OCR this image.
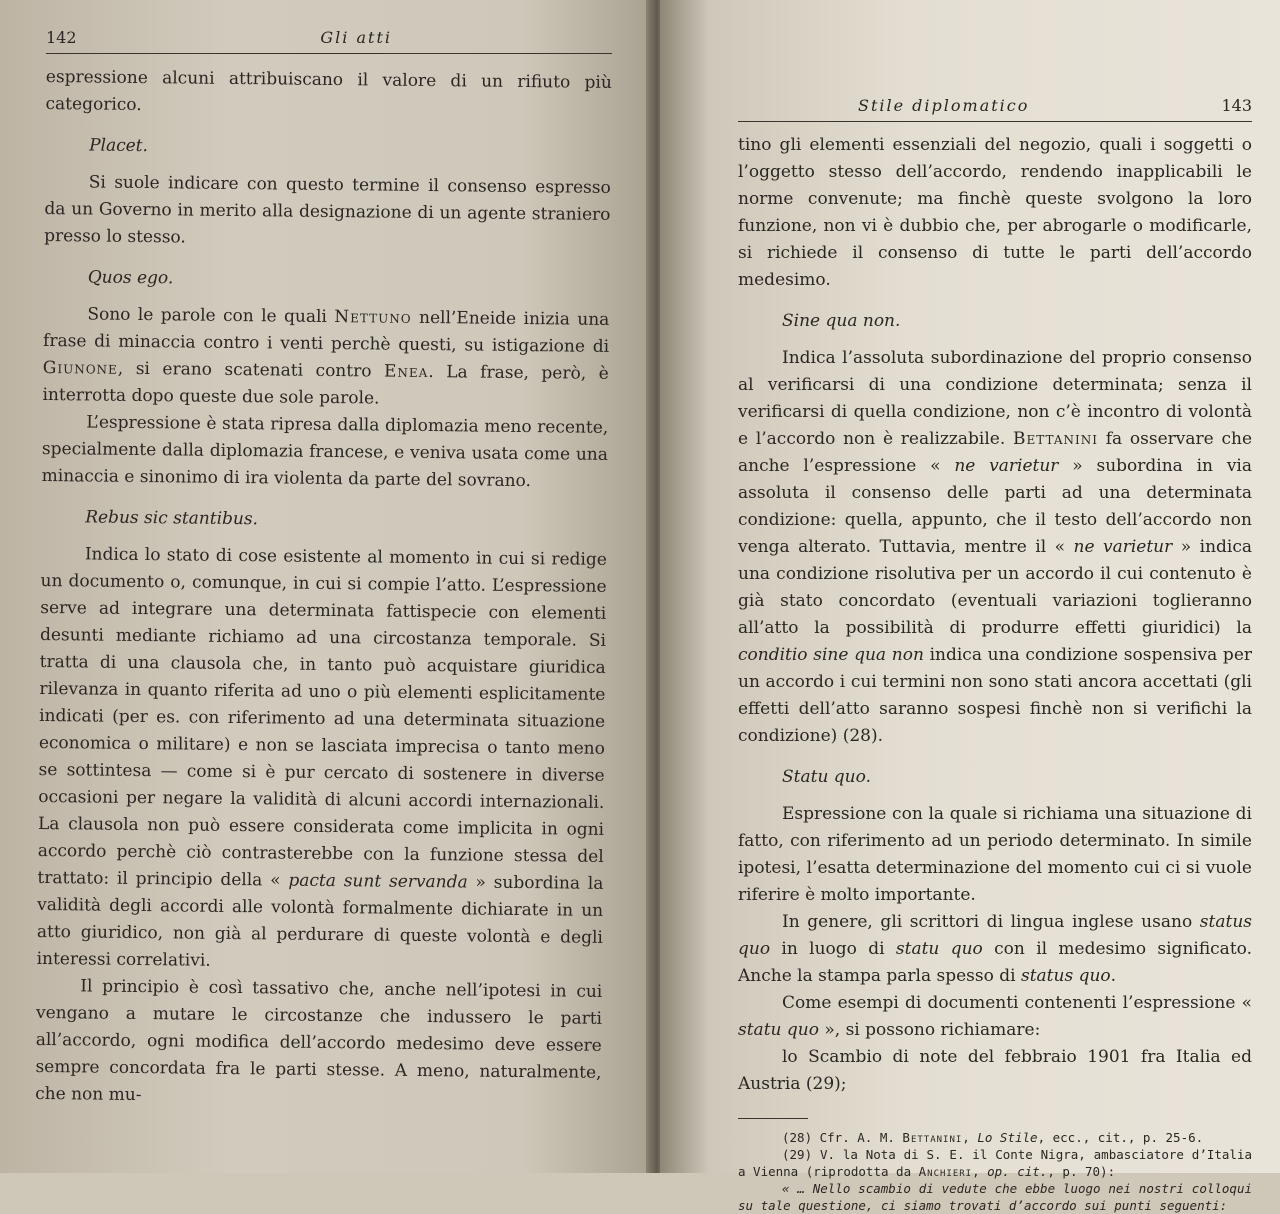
142	Gli atti

espressione alcuni attribuiscano il valore di un rifiuto più categorico.

Placet.

Si suole indicare con questo termine il consenso espresso da un Governo in merito alla designazione di un agente straniero presso lo stesso.

Quos ego.

Sono le parole con le quali Nettuno nell’Eneide inizia una frase di minaccia contro i venti perchè questi, su istigazione di Giunone, si erano scatenati contro Enea. La frase, però, è interrotta dopo queste due sole parole.

L’espressione è stata ripresa dalla diplomazia meno recente, specialmente dalla diplomazia francese, e veniva usata come una minaccia e sinonimo di ira violenta da parte del sovrano.

Rebus sic stantibus.

Indica lo stato di cose esistente al momento in cui si redige un documento o, comunque, in cui si compie l’atto. L’espressione serve ad integrare una determinata fattispecie con elementi desunti mediante richiamo ad una circostanza temporale. Si tratta di una clausola che, in tanto può acquistare giuridica rilevanza in quanto riferita ad uno o più elementi esplicitamente indicati (per es. con riferimento ad una determinata situazione economica o militare) e non se lasciata imprecisa o tanto meno se sottintesa — come si è pur cercato di sostenere in diverse occasioni per negare la validità di alcuni accordi internazionali. La clausola non può essere considerata come implicita in ogni accordo perchè ciò contrasterebbe con la funzione stessa del trattato: il principio della « pacta sunt servanda » subordina la validità degli accordi alle volontà formalmente dichiarate in un atto giuridico, non già al perdurare di queste volontà e degli interessi correlativi.

Il principio è così tassativo che, anche nell’ipotesi in cui vengano a mutare le circostanze che indussero le parti all’accordo, ogni modifica dell’accordo medesimo deve essere sempre concordata fra le parti stesse. A meno, naturalmente, che non mu-

Stile diplomatico	143

tino gli elementi essenziali del negozio, quali i soggetti o l’oggetto stesso dell’accordo, rendendo inapplicabili le norme convenute; ma finchè queste svolgono la loro funzione, non vi è dubbio che, per abrogarle o modificarle, si richiede il consenso di tutte le parti dell’accordo medesimo.

Sine qua non.

Indica l’assoluta subordinazione del proprio consenso al verificarsi di una condizione determinata; senza il verificarsi di quella condizione, non c’è incontro di volontà e l’accordo non è realizzabile. Bettanini fa osservare che anche l’espressione « ne varietur » subordina in via assoluta il consenso delle parti ad una determinata condizione: quella, appunto, che il testo dell’accordo non venga alterato. Tuttavia, mentre il « ne varietur » indica una condizione risolutiva per un accordo il cui contenuto è già stato concordato (eventuali variazioni toglieranno all’atto la possibilità di produrre effetti giuridici) la conditio sine qua non indica una condizione sospensiva per un accordo i cui termini non sono stati ancora accettati (gli effetti dell’atto saranno sospesi finchè non si verifichi la condizione) (28).

Statu quo.

Espressione con la quale si richiama una situazione di fatto, con riferimento ad un periodo determinato. In simile ipotesi, l’esatta determinazione del momento cui ci si vuole riferire è molto importante.

In genere, gli scrittori di lingua inglese usano status quo in luogo di statu quo con il medesimo significato. Anche la stampa parla spesso di status quo.

Come esempi di documenti contenenti l’espressione « statu quo », si possono richiamare:

lo Scambio di note del febbraio 1901 fra Italia ed Austria (29);

(28) Cfr. A. M. Bettanini, Lo Stile, ecc., cit., p. 25-6.

(29) V. la Nota di S. E. il Conte Nigra, ambasciatore d’Italia a Vienna (riprodotta da Anchieri, op. cit., p. 70):

« … Nello scambio di vedute che ebbe luogo nei nostri colloqui su tale questione, ci siamo trovati d’accordo sui punti seguenti:
